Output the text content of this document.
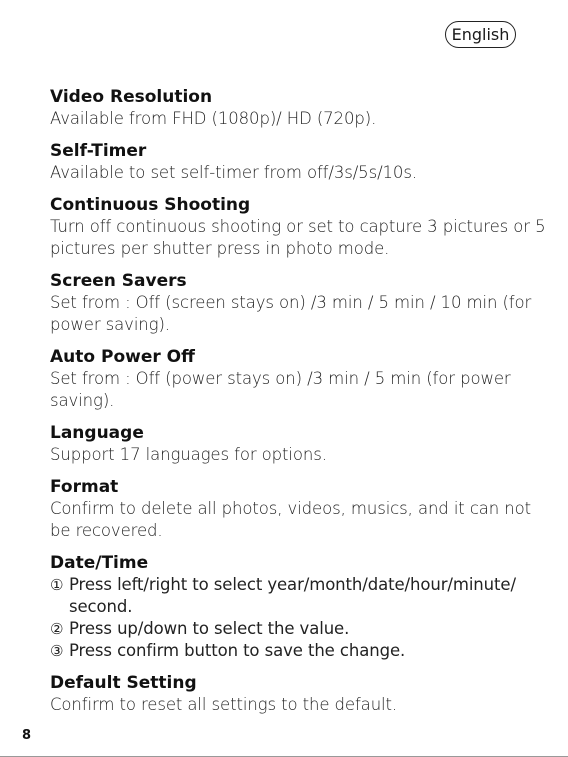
English
Video Resolution
Available from FHD (1080p)/ HD (720p).
Self-Timer
Available to set self-timer from off/3s/5s/10s.
Continuous Shooting
Turn off continuous shooting or set to capture 3 pictures or 5 pictures per shutter press in photo mode.
Screen Savers
Set from : Off (screen stays on) /3 min / 5 min / 10 min (for power saving).
Auto Power Off
Set from : Off (power stays on) /3 min / 5 min (for power saving).
Language
Support 17 languages for options.
Format
Confirm to delete all photos, videos, musics, and it can not be recovered.
Date/Time
① Press left/right to select year/month/date/hour/minute/ second.
② Press up/down to select the value.
③ Press confirm button to save the change.
Default Setting
Confirm to reset all settings to the default.
8
